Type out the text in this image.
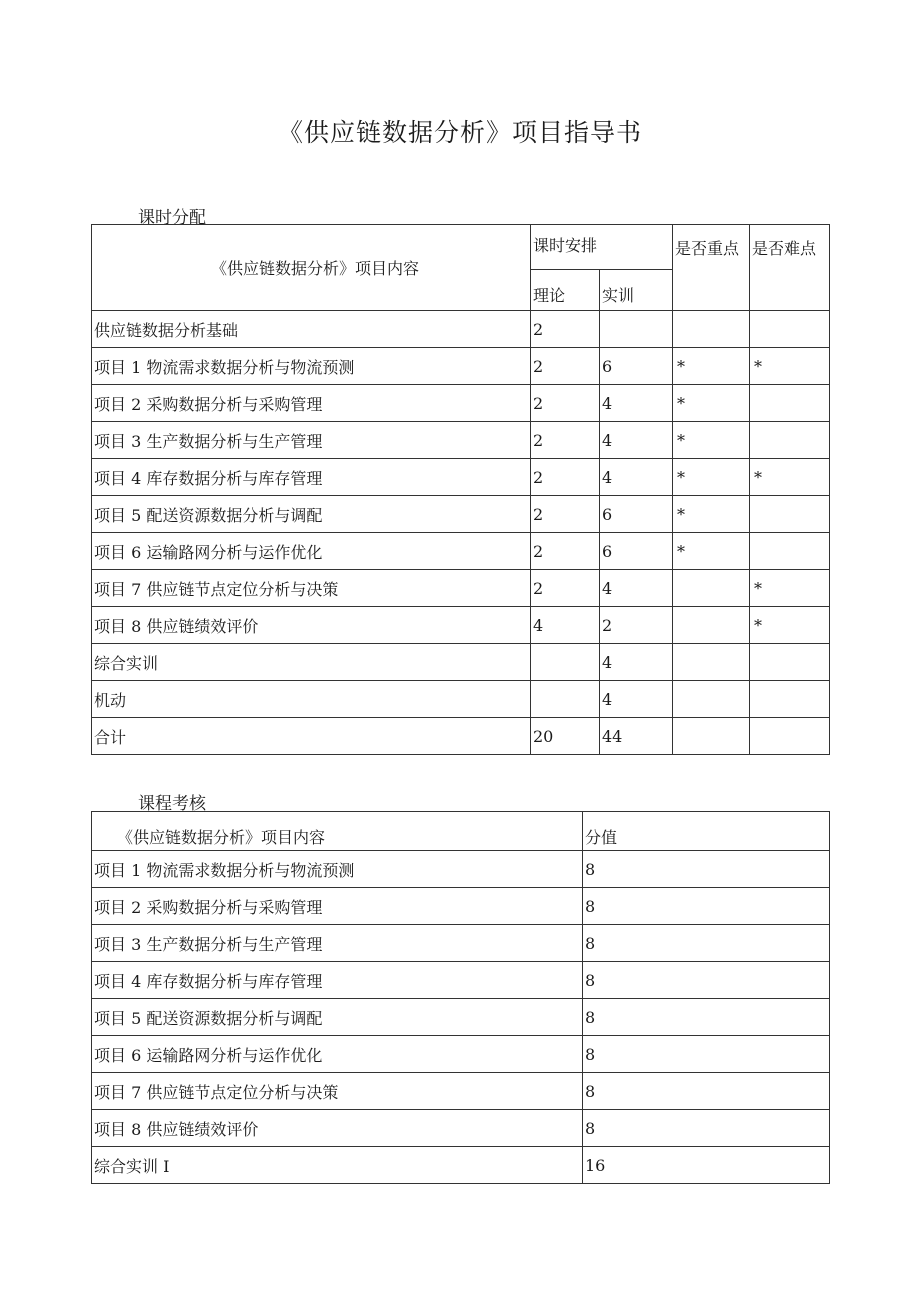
《供应链数据分析》项目指导书
课时分配
《供应链数据分析》项目内容	课时安排		是否重点	是否难点
	理论	实训		
供应链数据分析基础	2			
项目 1 物流需求数据分析与物流预测	2	6	*	*
项目 2 采购数据分析与采购管理	2	4	*	
项目 3 生产数据分析与生产管理	2	4	*	
项目 4 库存数据分析与库存管理	2	4	*	*
项目 5 配送资源数据分析与调配	2	6	*	
项目 6 运输路网分析与运作优化	2	6	*	
项目 7 供应链节点定位分析与决策	2	4		*
项目 8 供应链绩效评价	4	2		*
综合实训		4		
机动		4		
合计	20	44		
课程考核
《供应链数据分析》项目内容	分值
项目 1 物流需求数据分析与物流预测	8
项目 2 采购数据分析与采购管理	8
项目 3 生产数据分析与生产管理	8
项目 4 库存数据分析与库存管理	8
项目 5 配送资源数据分析与调配	8
项目 6 运输路网分析与运作优化	8
项目 7 供应链节点定位分析与决策	8
项目 8 供应链绩效评价	8
综合实训 I	16
